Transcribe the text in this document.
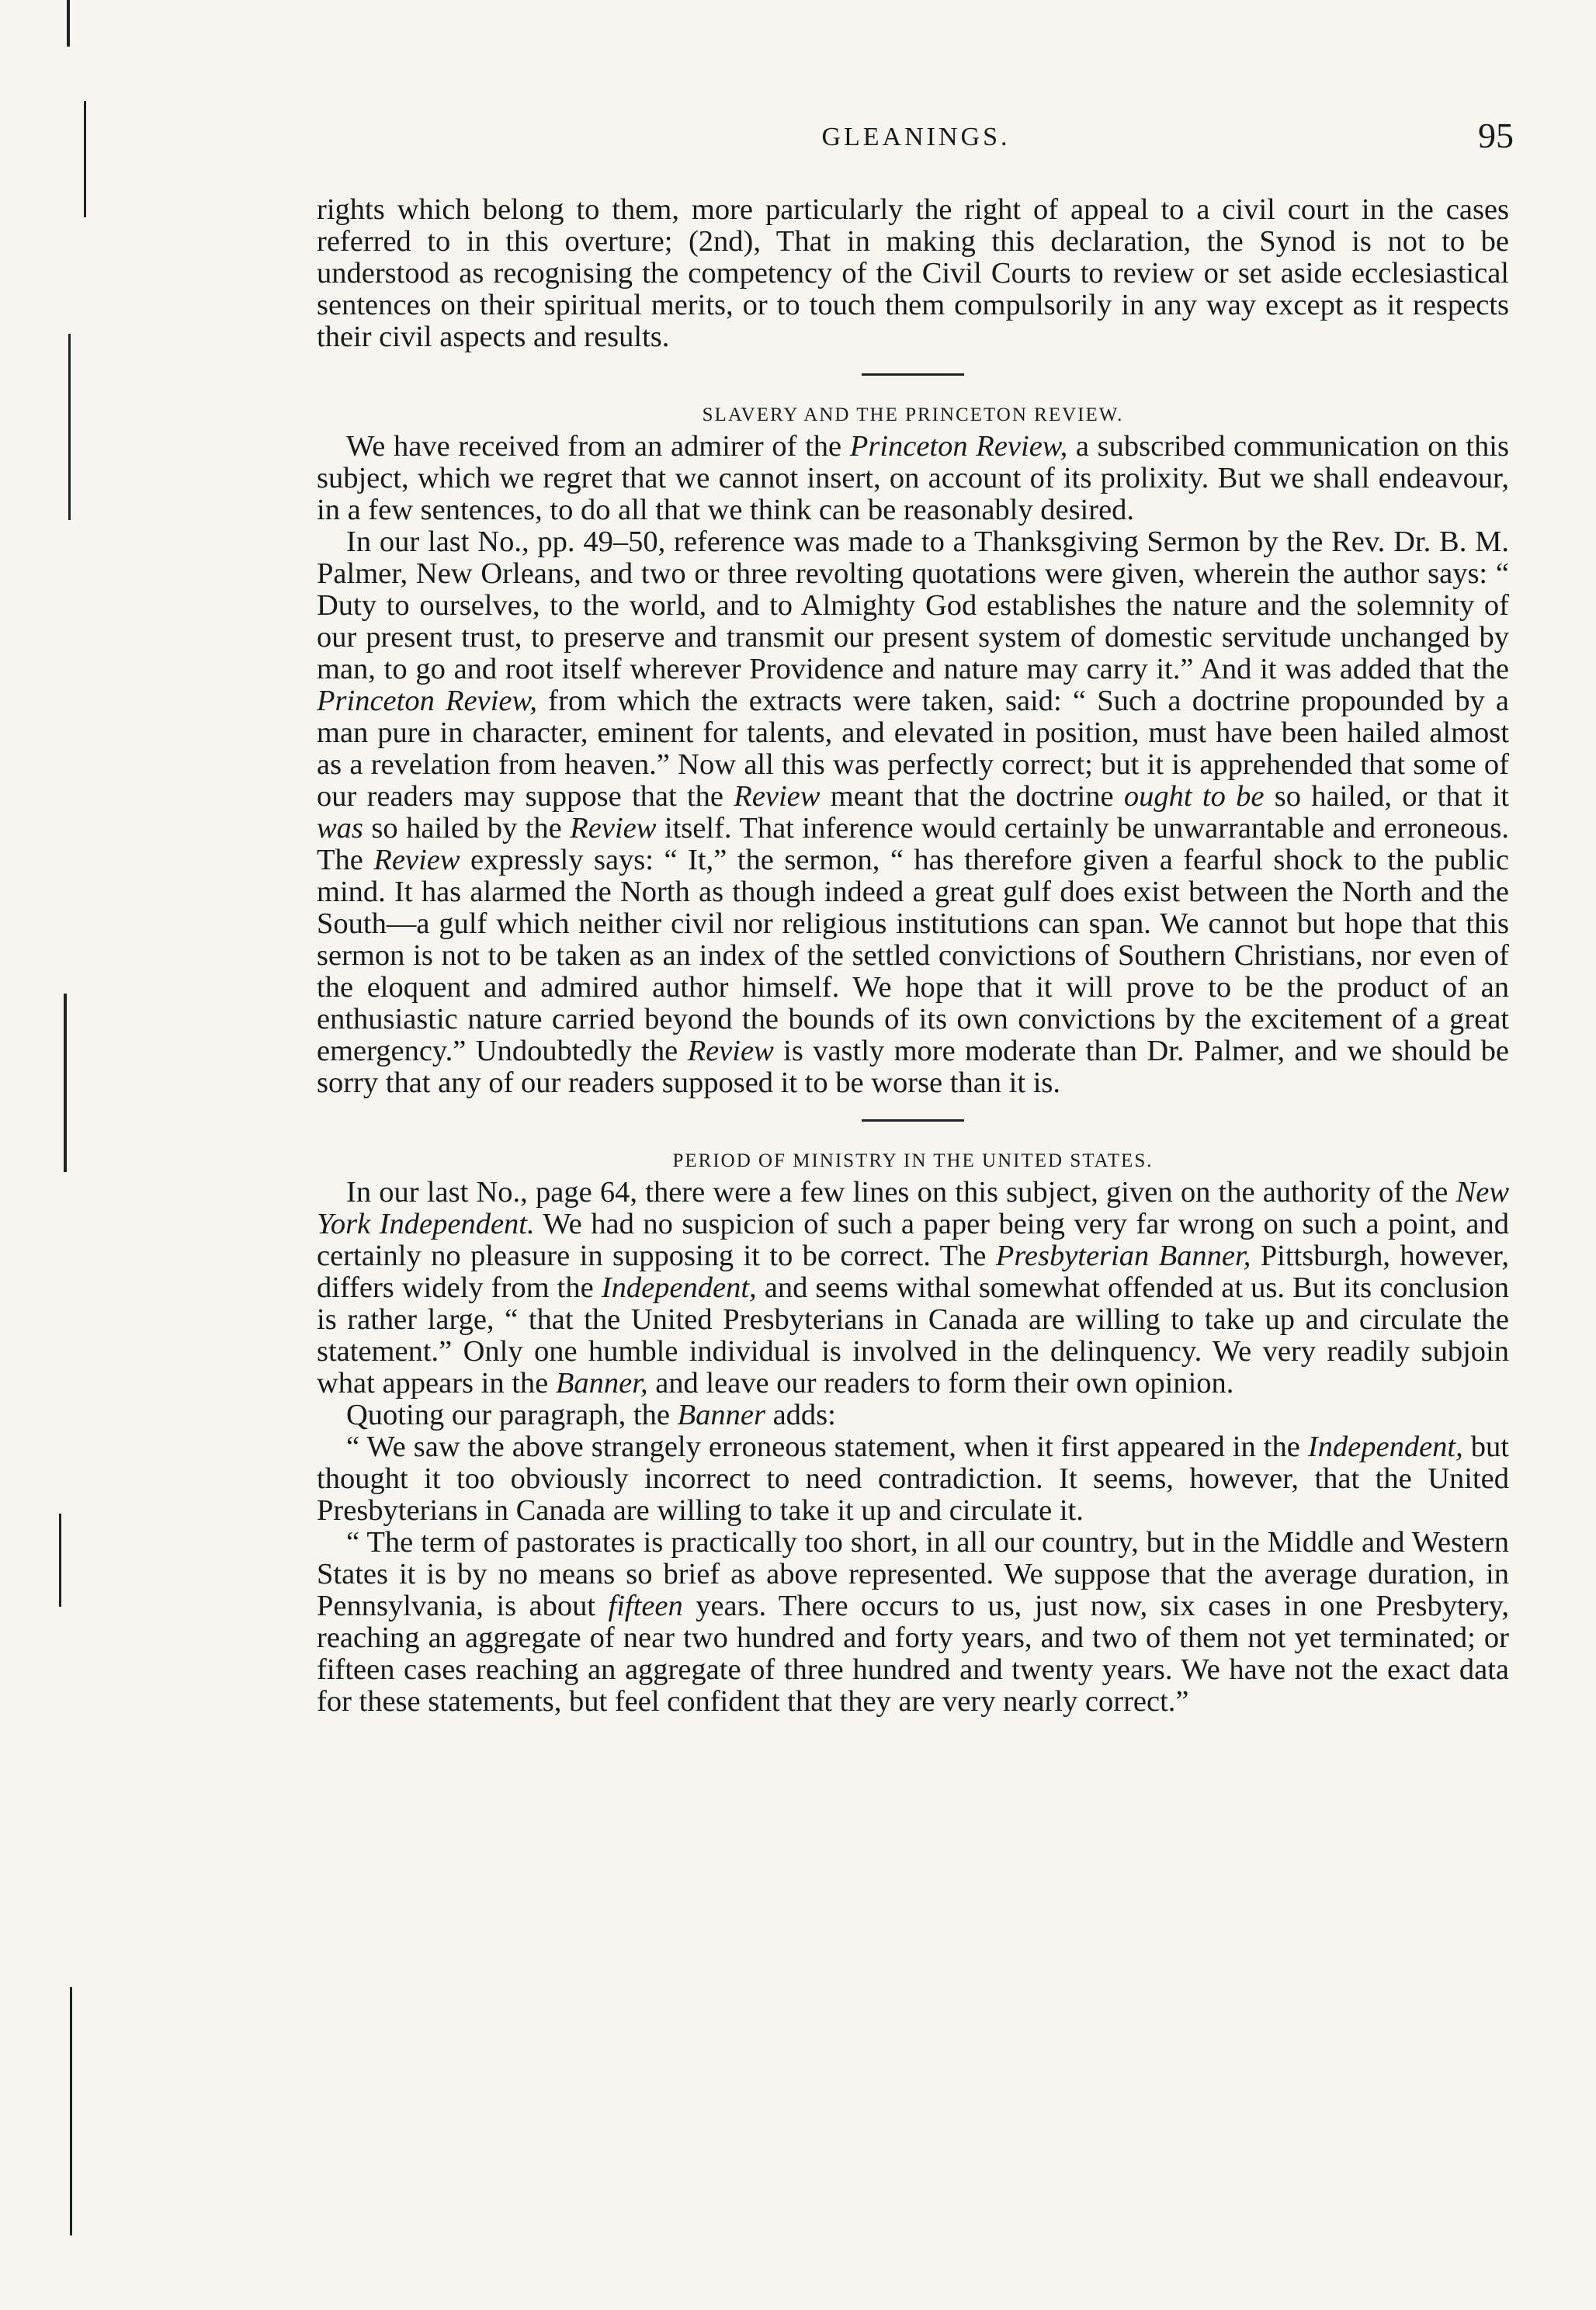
GLEANINGS.	95

rights which belong to them, more particularly the right of appeal to a civil court in the cases referred to in this overture; (2nd), That in making this declaration, the Synod is not to be understood as recognising the competency of the Civil Courts to review or set aside ecclesiastical sentences on their spiritual merits, or to touch them compulsorily in any way except as it respects their civil aspects and results.

SLAVERY AND THE PRINCETON REVIEW.

We have received from an admirer of the Princeton Review, a subscribed communication on this subject, which we regret that we cannot insert, on account of its prolixity. But we shall endeavour, in a few sentences, to do all that we think can be reasonably desired.

In our last No., pp. 49–50, reference was made to a Thanksgiving Sermon by the Rev. Dr. B. M. Palmer, New Orleans, and two or three revolting quotations were given, wherein the author says: “ Duty to ourselves, to the world, and to Almighty God establishes the nature and the solemnity of our present trust, to preserve and transmit our present system of domestic servitude unchanged by man, to go and root itself wherever Providence and nature may carry it.” And it was added that the Princeton Review, from which the extracts were taken, said: “ Such a doctrine propounded by a man pure in character, eminent for talents, and elevated in position, must have been hailed almost as a revelation from heaven.” Now all this was perfectly correct; but it is apprehended that some of our readers may suppose that the Review meant that the doctrine ought to be so hailed, or that it was so hailed by the Review itself. That inference would certainly be unwarrantable and erroneous. The Review expressly says: “ It,” the sermon, “ has therefore given a fearful shock to the public mind. It has alarmed the North as though indeed a great gulf does exist between the North and the South—a gulf which neither civil nor religious institutions can span. We cannot but hope that this sermon is not to be taken as an index of the settled convictions of Southern Christians, nor even of the eloquent and admired author himself. We hope that it will prove to be the product of an enthusiastic nature carried beyond the bounds of its own convictions by the excitement of a great emergency.” Undoubtedly the Review is vastly more moderate than Dr. Palmer, and we should be sorry that any of our readers supposed it to be worse than it is.

PERIOD OF MINISTRY IN THE UNITED STATES.

In our last No., page 64, there were a few lines on this subject, given on the authority of the New York Independent. We had no suspicion of such a paper being very far wrong on such a point, and certainly no pleasure in supposing it to be correct. The Presbyterian Banner, Pittsburgh, however, differs widely from the Independent, and seems withal somewhat offended at us. But its conclusion is rather large, “ that the United Presbyterians in Canada are willing to take up and circulate the statement.” Only one humble individual is involved in the delinquency. We very readily subjoin what appears in the Banner, and leave our readers to form their own opinion.

Quoting our paragraph, the Banner adds:

“ We saw the above strangely erroneous statement, when it first appeared in the Independent, but thought it too obviously incorrect to need contradiction. It seems, however, that the United Presbyterians in Canada are willing to take it up and circulate it.

“ The term of pastorates is practically too short, in all our country, but in the Middle and Western States it is by no means so brief as above represented. We suppose that the average duration, in Pennsylvania, is about fifteen years. There occurs to us, just now, six cases in one Presbytery, reaching an aggregate of near two hundred and forty years, and two of them not yet terminated; or fifteen cases reaching an aggregate of three hundred and twenty years. We have not the exact data for these statements, but feel confident that they are very nearly correct.”
